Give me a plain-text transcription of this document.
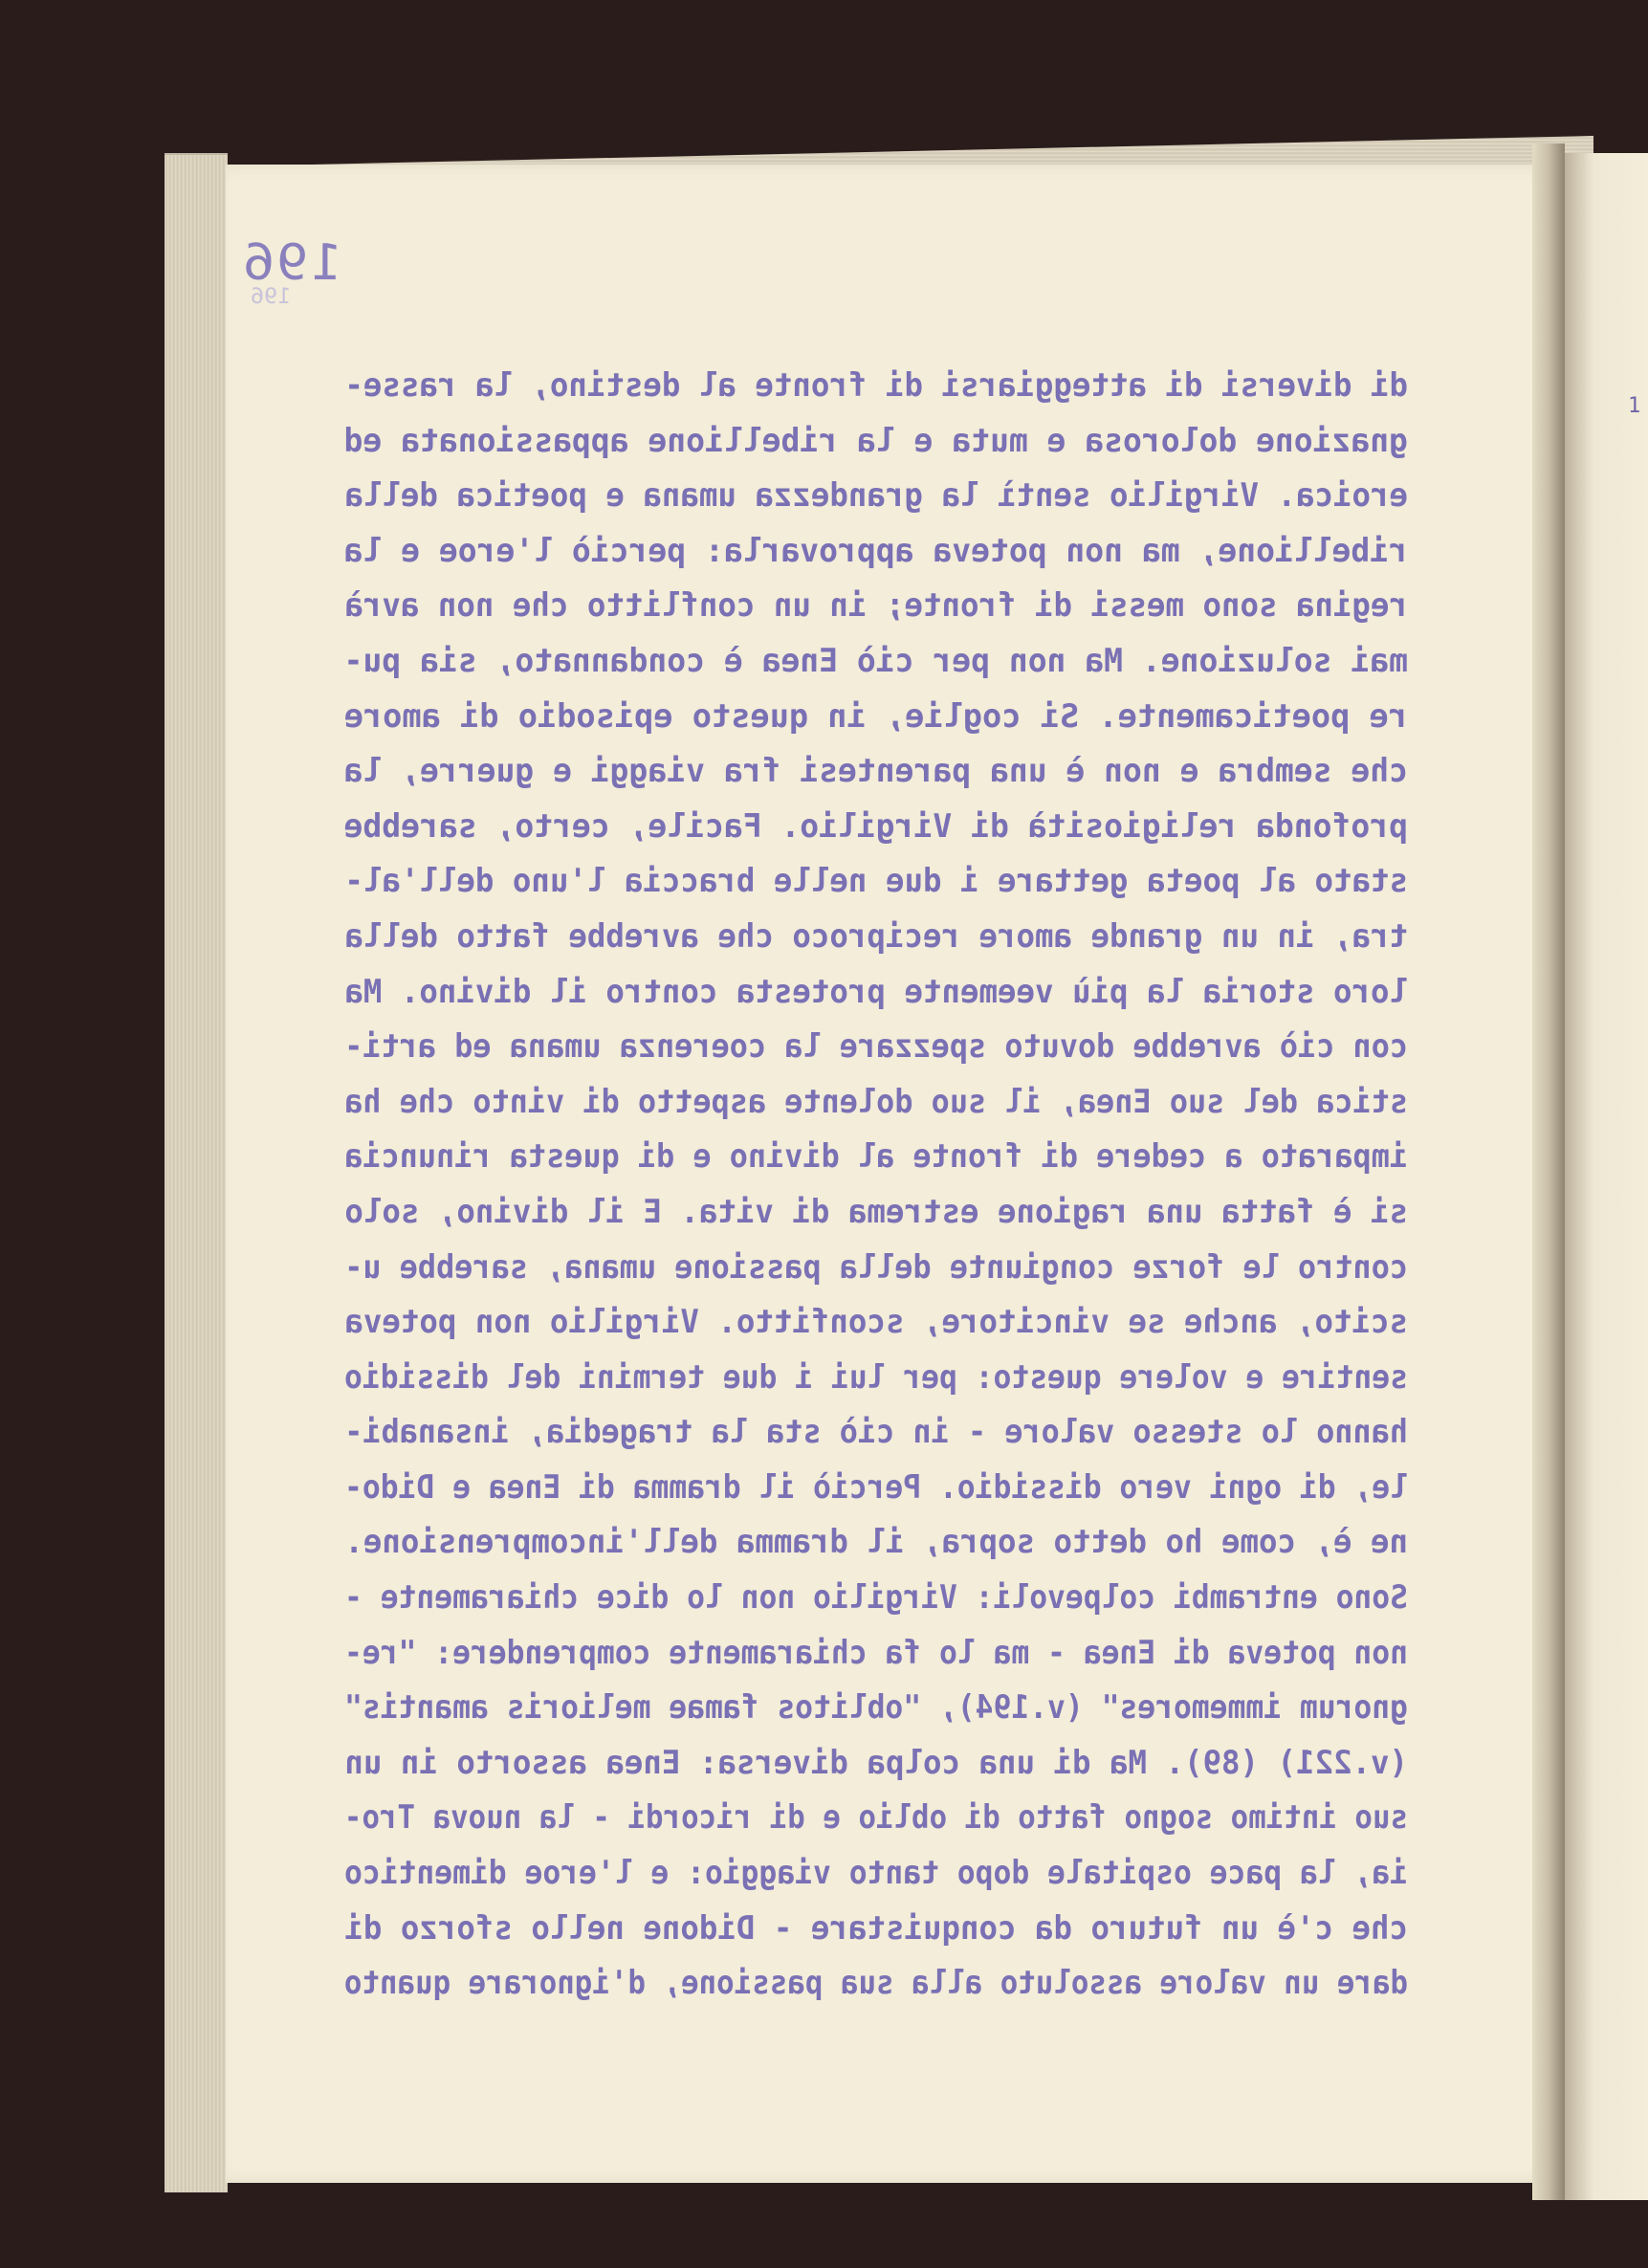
1
196
196
di diversi di atteggiarsi di fronte al destino, la rasse-
gnazione dolorosa e muta e la ribellione appassionata ed
eroica. Virgilio sentì la grandezza umana e poetica della
ribellione, ma non poteva approvarla: perciò l'eroe e la
regina sono messi di fronte; in un conflitto che non avrà
mai soluzione. Ma non per ciò Enea è condannato, sia pu-
re poeticamente. Si coglie, in questo episodio di amore
che sembra e non è una parentesi fra viaggi e guerre, la
profonda religiosità di Virgilio. Facile, certo, sarebbe
stato al poeta gettare i due nelle braccia l'uno dell'al-
tra, in un grande amore reciproco che avrebbe fatto della
loro storia la più veemente protesta contro il divino. Ma
con ciò avrebbe dovuto spezzare la coerenza umana ed arti-
stica del suo Enea, il suo dolente aspetto di vinto che ha
imparato a cedere di fronte al divino e di questa rinuncia
si è fatta una ragione estrema di vita. E il divino, solo
contro le forze congiunte della passione umana, sarebbe u-
scito, anche se vincitore, sconfitto. Virgilio non poteva
sentire e volere questo: per lui i due termini del dissidio
hanno lo stesso valore - in ciò sta la tragedia, insanabi-
le, di ogni vero dissidio. Perciò il dramma di Enea e Dido-
ne è, come ho detto sopra, il dramma dell'incomprensione.
Sono entrambi colpevoli: Virgilio non lo dice chiaramente -
non poteva di Enea - ma lo fa chiaramente comprendere: "re-
gnorum immemores" (v.194), "oblitos famae melioris amantis"
(v.221) (89). Ma di una colpa diversa: Enea assorto in un
suo intimo sogno fatto di oblio e di ricordi - la nuova Tro-
ia, la pace ospitale dopo tanto viaggio: e l'eroe dimentico
che c'è un futuro da conquistare - Didone nello sforzo di
dare un valore assoluto alla sua passione, d'ignorare quanto
